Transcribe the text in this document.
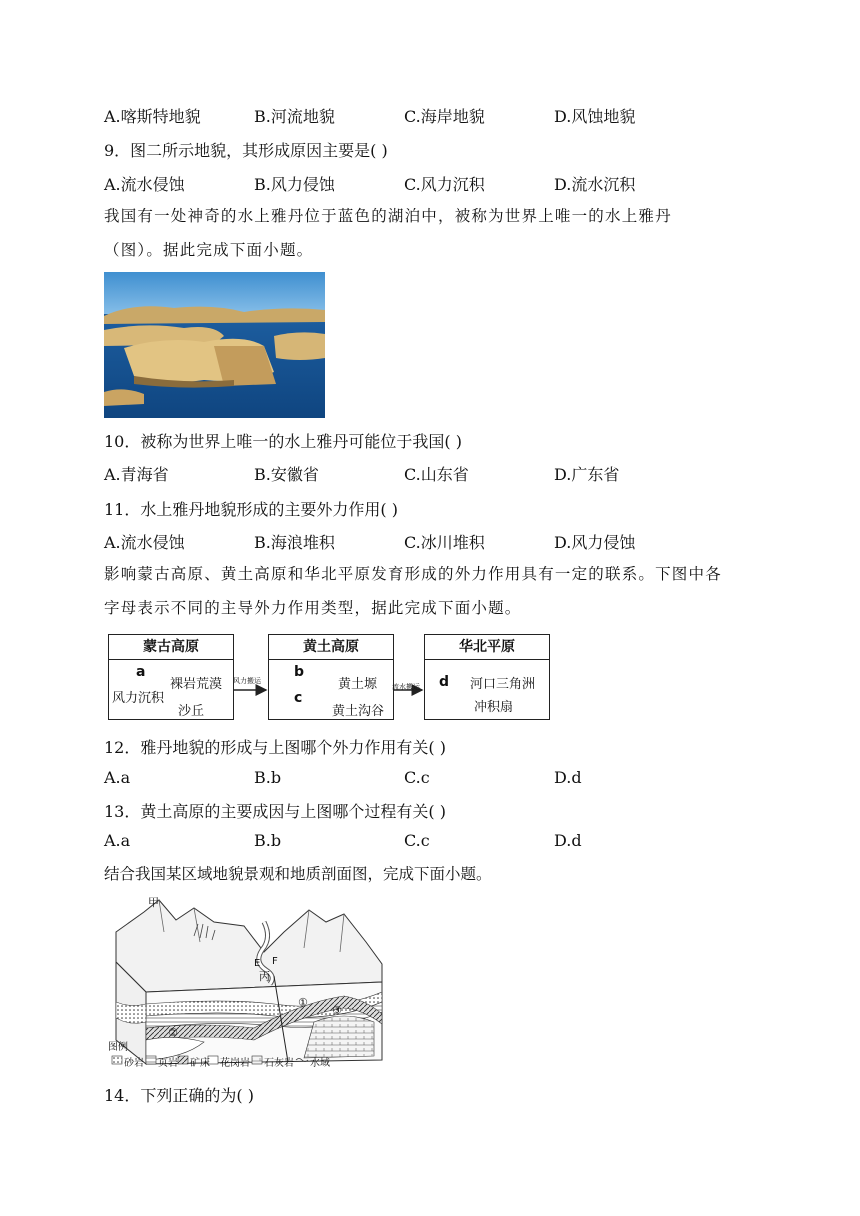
A.喀斯特地貌	B.河流地貌	C.海岸地貌	D.风蚀地貌
9．图二所示地貌，其形成原因主要是( )
A.流水侵蚀	B.风力侵蚀	C.风力沉积	D.流水沉积
我国有一处神奇的水上雅丹位于蓝色的湖泊中，被称为世界上唯一的水上雅丹
（图）。据此完成下面小题。
10．被称为世界上唯一的水上雅丹可能位于我国( )
A.青海省	B.安徽省	C.山东省	D.广东省
11．水上雅丹地貌形成的主要外力作用( )
A.流水侵蚀	B.海浪堆积	C.冰川堆积	D.风力侵蚀
影响蒙古高原、黄土高原和华北平原发育形成的外力作用具有一定的联系。下图中各
字母表示不同的主导外力作用类型，据此完成下面小题。
蒙古高原
a
裸岩荒漠
风力沉积
沙丘
风力搬运
黄土高原
b
黄土塬
c
黄土沟谷
流水搬运
华北平原
d 河口三角洲
冲积扇
12．雅丹地貌的形成与上图哪个外力作用有关( )
A.a	B.b	C.c	D.d
13．黄土高原的主要成因与上图哪个过程有关( )
A.a	B.b	C.c	D.d
结合我国某区域地貌景观和地质剖面图，完成下面小题。
甲
E F
丙
①
②
③
图例
砂岩 页岩 矿床 花岗岩 石灰岩 水域
14．下列正确的为( )
